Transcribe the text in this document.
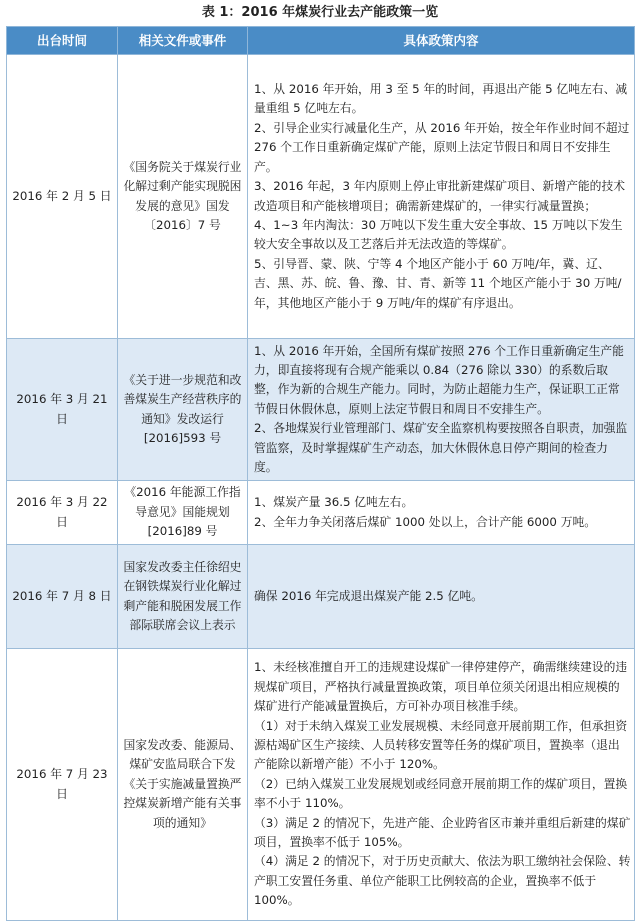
表 1：2016 年煤炭行业去产能政策一览
出台时间	相关文件或事件	具体政策内容
2016 年 2 月 5 日	《国务院关于煤炭行业化解过剩产能实现脱困发展的意见》国发〔2016〕7 号	1、从 2016 年开始，用 3 至 5 年的时间，再退出产能 5 亿吨左右、减量重组 5 亿吨左右。

2、引导企业实行减量化生产，从 2016 年开始，按全年作业时间不超过 276 个工作日重新确定煤矿产能，原则上法定节假日和周日不安排生产。

3、2016 年起，3 年内原则上停止审批新建煤矿项目、新增产能的技术改造项目和产能核增项目；确需新建煤矿的，一律实行减量置换；

4、1~3 年内淘汰：30 万吨以下发生重大安全事故、15 万吨以下发生较大安全事故以及工艺落后并无法改造的等煤矿。

5、引导晋、蒙、陕、宁等 4 个地区产能小于 60 万吨/年，冀、辽、吉、黑、苏、皖、鲁、豫、甘、青、新等 11 个地区产能小于 30 万吨/年，其他地区产能小于 9 万吨/年的煤矿有序退出。

2016 年 3 月 21 日	《关于进一步规范和改善煤炭生产经营秩序的通知》发改运行[2016]593 号	1、从 2016 年开始，全国所有煤矿按照 276 个工作日重新确定生产能力，即直接将现有合规产能乘以 0.84（276 除以 330）的系数后取整，作为新的合规生产能力。同时，为防止超能力生产，保证职工正常节假日休假休息，原则上法定节假日和周日不安排生产。

2、各地煤炭行业管理部门、煤矿安全监察机构要按照各自职责，加强监管监察，及时掌握煤矿生产动态，加大休假休息日停产期间的检查力度。

2016 年 3 月 22 日	《2016 年能源工作指导意见》国能规划[2016]89 号	1、煤炭产量 36.5 亿吨左右。

2、全年力争关闭落后煤矿 1000 处以上，合计产能 6000 万吨。

2016 年 7 月 8 日	国家发改委主任徐绍史在钢铁煤炭行业化解过剩产能和脱困发展工作部际联席会议上表示	确保 2016 年完成退出煤炭产能 2.5 亿吨。

2016 年 7 月 23 日	国家发改委、能源局、煤矿安监局联合下发《关于实施减量置换严控煤炭新增产能有关事项的通知》	1、未经核准擅自开工的违规建设煤矿一律停建停产，确需继续建设的违规煤矿项目，严格执行减量置换政策，项目单位须关闭退出相应规模的煤矿进行产能减量置换后，方可补办项目核准手续。

（1）对于未纳入煤炭工业发展规模、未经同意开展前期工作，但承担资源枯竭矿区生产接续、人员转移安置等任务的煤矿项目，置换率（退出产能除以新增产能）不小于 120%。

（2）已纳入煤炭工业发展规划或经同意开展前期工作的煤矿项目，置换率不小于 110%。

（3）满足 2 的情况下，先进产能、企业跨省区市兼并重组后新建的煤矿项目，置换率不低于 105%。

（4）满足 2 的情况下，对于历史贡献大、依法为职工缴纳社会保险、转产职工安置任务重、单位产能职工比例较高的企业，置换率不低于 100%。
